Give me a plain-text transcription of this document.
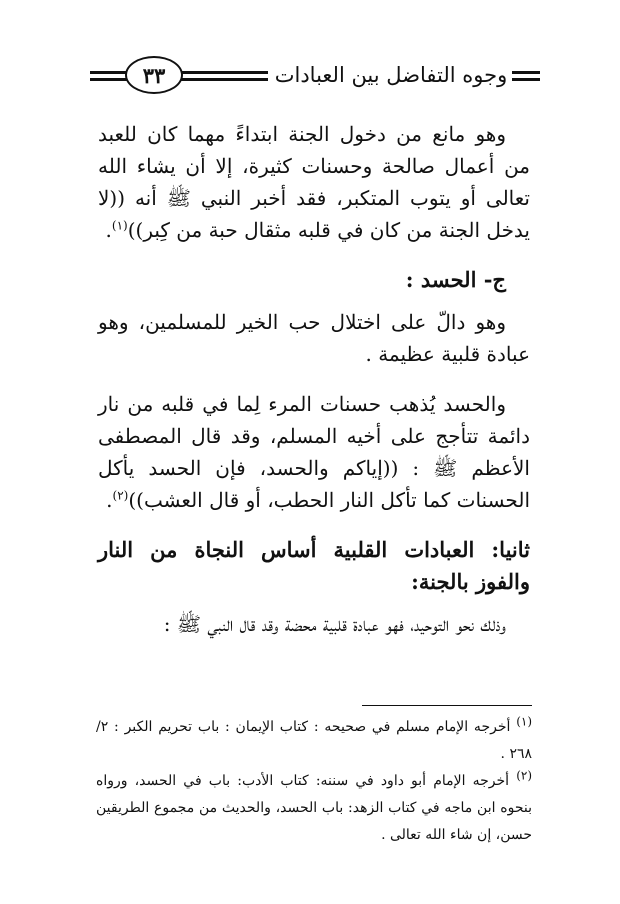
٣٣	وجوه التفاضل بين العبادات

وهو مانع من دخول الجنة ابتداءً مهما كان للعبد من أعمال صالحة وحسنات كثيرة، إلا أن يشاء الله تعالى أو يتوب المتكبر، فقد أخبر النبي ﷺ أنه ((لا يدخل الجنة من كان في قلبه مثقال حبة من كِبر))$^{(١)}$.

ج- الحسد :

وهو دالّ على اختلال حب الخير للمسلمين، وهو عبادة قلبية عظيمة .

والحسد يُذهب حسنات المرء لِما في قلبه من نار دائمة تتأجج على أخيه المسلم، وقد قال المصطفى الأعظم ﷺ : ((إياكم والحسد، فإن الحسد يأكل الحسنات كما تأكل النار الحطب، أو قال العشب))$^{(٢)}$.

ثانيا: العبادات القلبية أساس النجاة من النار والفوز بالجنة:

وذلك نحو التوحيد، فهو عبادة قلبية محضة وقد قال النبي ﷺ :

$^{(١)}$ أخرجه الإمام مسلم في صحيحه : كتاب الإيمان : باب تحريم الكبر : ٢/ ٢٦٨ .

$^{(٢)}$ أخرجه الإمام أبو داود في سننه: كتاب الأدب: باب في الحسد، ورواه بنحوه ابن ماجه في كتاب الزهد: باب الحسد، والحديث من مجموع الطريقين حسن، إن شاء الله تعالى .
